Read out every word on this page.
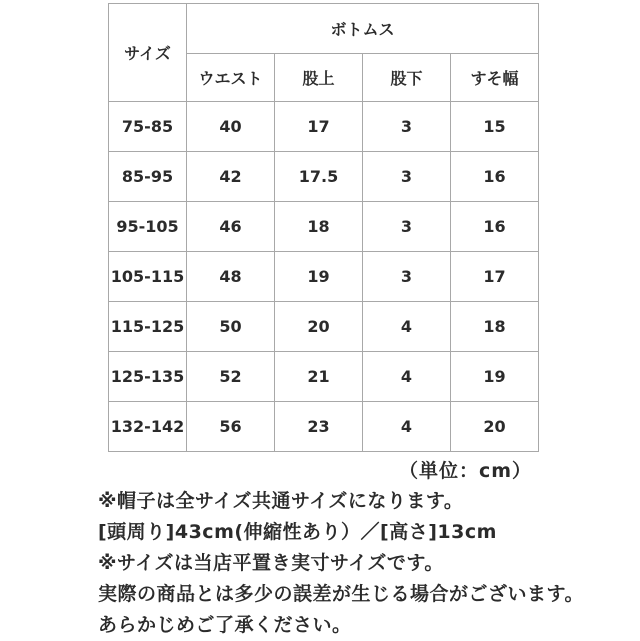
サイズ	ボトムス			
	ウエスト	股上	股下	すそ幅
75-85	40	17	3	15
85-95	42	17.5	3	16
95-105	46	18	3	16
105-115	48	19	3	17
115-125	50	20	4	18
125-135	52	21	4	19
132-142	56	23	4	20
（単位：cm）
※帽子は全サイズ共通サイズになります。
[頭周り]43cm(伸縮性あり）／[高さ]13cm
※サイズは当店平置き実寸サイズです。
実際の商品とは多少の誤差が生じる場合がございます。
あらかじめご了承ください。
